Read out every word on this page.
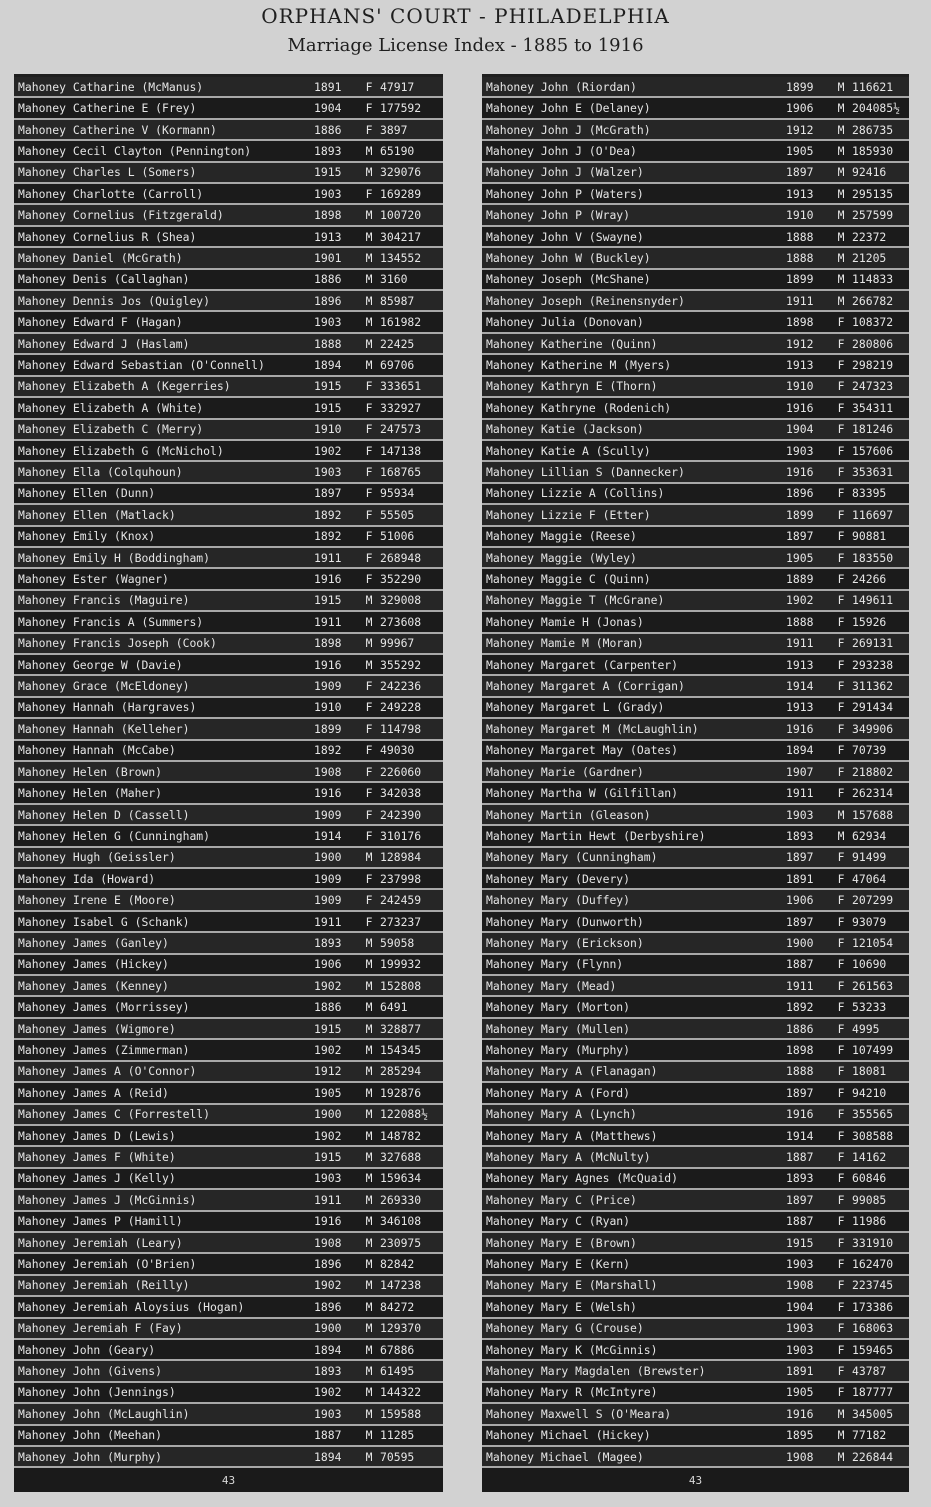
ORPHANS' COURT - PHILADELPHIA
Marriage License Index - 1885 to 1916
Mahoney Catharine (McManus)	1891	F 47917
Mahoney Catherine E (Frey)	1904	F 177592
Mahoney Catherine V (Kormann)	1886	F 3897
Mahoney Cecil Clayton (Pennington)	1893	M 65190
Mahoney Charles L (Somers)	1915	M 329076
Mahoney Charlotte (Carroll)	1903	F 169289
Mahoney Cornelius (Fitzgerald)	1898	M 100720
Mahoney Cornelius R (Shea)	1913	M 304217
Mahoney Daniel (McGrath)	1901	M 134552
Mahoney Denis (Callaghan)	1886	M 3160
Mahoney Dennis Jos (Quigley)	1896	M 85987
Mahoney Edward F (Hagan)	1903	M 161982
Mahoney Edward J (Haslam)	1888	M 22425
Mahoney Edward Sebastian (O'Connell)	1894	M 69706
Mahoney Elizabeth A (Kegerries)	1915	F 333651
Mahoney Elizabeth A (White)	1915	F 332927
Mahoney Elizabeth C (Merry)	1910	F 247573
Mahoney Elizabeth G (McNichol)	1902	F 147138
Mahoney Ella (Colquhoun)	1903	F 168765
Mahoney Ellen (Dunn)	1897	F 95934
Mahoney Ellen (Matlack)	1892	F 55505
Mahoney Emily (Knox)	1892	F 51006
Mahoney Emily H (Boddingham)	1911	F 268948
Mahoney Ester (Wagner)	1916	F 352290
Mahoney Francis (Maguire)	1915	M 329008
Mahoney Francis A (Summers)	1911	M 273608
Mahoney Francis Joseph (Cook)	1898	M 99967
Mahoney George W (Davie)	1916	M 355292
Mahoney Grace (McEldoney)	1909	F 242236
Mahoney Hannah (Hargraves)	1910	F 249228
Mahoney Hannah (Kelleher)	1899	F 114798
Mahoney Hannah (McCabe)	1892	F 49030
Mahoney Helen (Brown)	1908	F 226060
Mahoney Helen (Maher)	1916	F 342038
Mahoney Helen D (Cassell)	1909	F 242390
Mahoney Helen G (Cunningham)	1914	F 310176
Mahoney Hugh (Geissler)	1900	M 128984
Mahoney Ida (Howard)	1909	F 237998
Mahoney Irene E (Moore)	1909	F 242459
Mahoney Isabel G (Schank)	1911	F 273237
Mahoney James (Ganley)	1893	M 59058
Mahoney James (Hickey)	1906	M 199932
Mahoney James (Kenney)	1902	M 152808
Mahoney James (Morrissey)	1886	M 6491
Mahoney James (Wigmore)	1915	M 328877
Mahoney James (Zimmerman)	1902	M 154345
Mahoney James A (O'Connor)	1912	M 285294
Mahoney James A (Reid)	1905	M 192876
Mahoney James C (Forrestell)	1900	M 122088½
Mahoney James D (Lewis)	1902	M 148782
Mahoney James F (White)	1915	M 327688
Mahoney James J (Kelly)	1903	M 159634
Mahoney James J (McGinnis)	1911	M 269330
Mahoney James P (Hamill)	1916	M 346108
Mahoney Jeremiah (Leary)	1908	M 230975
Mahoney Jeremiah (O'Brien)	1896	M 82842
Mahoney Jeremiah (Reilly)	1902	M 147238
Mahoney Jeremiah Aloysius (Hogan)	1896	M 84272
Mahoney Jeremiah F (Fay)	1900	M 129370
Mahoney John (Geary)	1894	M 67886
Mahoney John (Givens)	1893	M 61495
Mahoney John (Jennings)	1902	M 144322
Mahoney John (McLaughlin)	1903	M 159588
Mahoney John (Meehan)	1887	M 11285
Mahoney John (Murphy)	1894	M 70595
43
Mahoney John (Riordan)	1899	M 116621
Mahoney John E (Delaney)	1906	M 204085½
Mahoney John J (McGrath)	1912	M 286735
Mahoney John J (O'Dea)	1905	M 185930
Mahoney John J (Walzer)	1897	M 92416
Mahoney John P (Waters)	1913	M 295135
Mahoney John P (Wray)	1910	M 257599
Mahoney John V (Swayne)	1888	M 22372
Mahoney John W (Buckley)	1888	M 21205
Mahoney Joseph (McShane)	1899	M 114833
Mahoney Joseph (Reinensnyder)	1911	M 266782
Mahoney Julia (Donovan)	1898	F 108372
Mahoney Katherine (Quinn)	1912	F 280806
Mahoney Katherine M (Myers)	1913	F 298219
Mahoney Kathryn E (Thorn)	1910	F 247323
Mahoney Kathryne (Rodenich)	1916	F 354311
Mahoney Katie (Jackson)	1904	F 181246
Mahoney Katie A (Scully)	1903	F 157606
Mahoney Lillian S (Dannecker)	1916	F 353631
Mahoney Lizzie A (Collins)	1896	F 83395
Mahoney Lizzie F (Etter)	1899	F 116697
Mahoney Maggie (Reese)	1897	F 90881
Mahoney Maggie (Wyley)	1905	F 183550
Mahoney Maggie C (Quinn)	1889	F 24266
Mahoney Maggie T (McGrane)	1902	F 149611
Mahoney Mamie H (Jonas)	1888	F 15926
Mahoney Mamie M (Moran)	1911	F 269131
Mahoney Margaret (Carpenter)	1913	F 293238
Mahoney Margaret A (Corrigan)	1914	F 311362
Mahoney Margaret L (Grady)	1913	F 291434
Mahoney Margaret M (McLaughlin)	1916	F 349906
Mahoney Margaret May (Oates)	1894	F 70739
Mahoney Marie (Gardner)	1907	F 218802
Mahoney Martha W (Gilfillan)	1911	F 262314
Mahoney Martin (Gleason)	1903	M 157688
Mahoney Martin Hewt (Derbyshire)	1893	M 62934
Mahoney Mary (Cunningham)	1897	F 91499
Mahoney Mary (Devery)	1891	F 47064
Mahoney Mary (Duffey)	1906	F 207299
Mahoney Mary (Dunworth)	1897	F 93079
Mahoney Mary (Erickson)	1900	F 121054
Mahoney Mary (Flynn)	1887	F 10690
Mahoney Mary (Mead)	1911	F 261563
Mahoney Mary (Morton)	1892	F 53233
Mahoney Mary (Mullen)	1886	F 4995
Mahoney Mary (Murphy)	1898	F 107499
Mahoney Mary A (Flanagan)	1888	F 18081
Mahoney Mary A (Ford)	1897	F 94210
Mahoney Mary A (Lynch)	1916	F 355565
Mahoney Mary A (Matthews)	1914	F 308588
Mahoney Mary A (McNulty)	1887	F 14162
Mahoney Mary Agnes (McQuaid)	1893	F 60846
Mahoney Mary C (Price)	1897	F 99085
Mahoney Mary C (Ryan)	1887	F 11986
Mahoney Mary E (Brown)	1915	F 331910
Mahoney Mary E (Kern)	1903	F 162470
Mahoney Mary E (Marshall)	1908	F 223745
Mahoney Mary E (Welsh)	1904	F 173386
Mahoney Mary G (Crouse)	1903	F 168063
Mahoney Mary K (McGinnis)	1903	F 159465
Mahoney Mary Magdalen (Brewster)	1891	F 43787
Mahoney Mary R (McIntyre)	1905	F 187777
Mahoney Maxwell S (O'Meara)	1916	M 345005
Mahoney Michael (Hickey)	1895	M 77182
Mahoney Michael (Magee)	1908	M 226844
43
